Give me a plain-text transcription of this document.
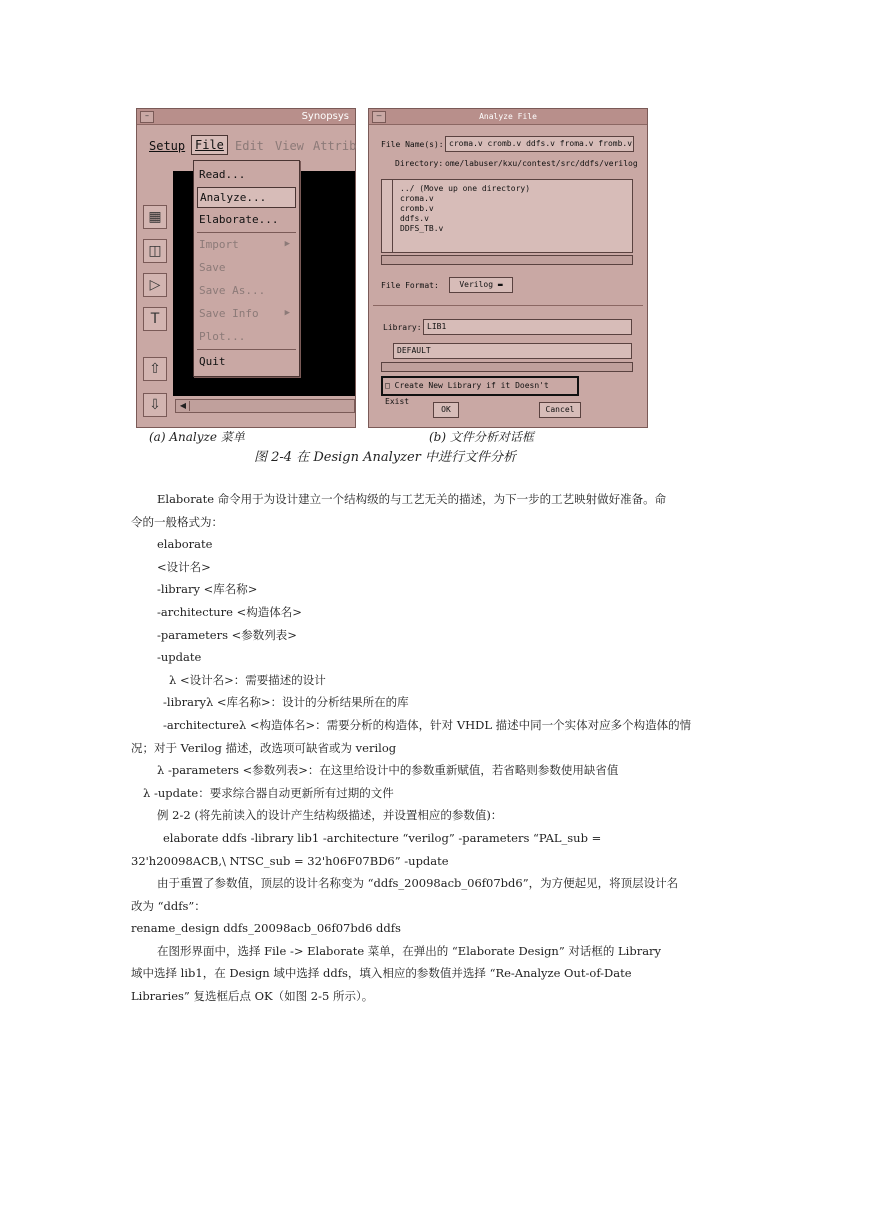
–	Synopsys
Setup File Edit View Attrib
▦
◫
▷
T
⇧
⇩	◀
Read...
Analyze...
Elaborate...
Import	▶
Save
Save As...
Save Info	▶
Plot...
Quit
–	Analyze File
File Name(s): croma.v cromb.v ddfs.v froma.v fromb.v
Directory: ome/labuser/kxu/contest/src/ddfs/verilog
../ (Move up one directory)
croma.v
cromb.v
ddfs.v
DDFS_TB.v
File Format:	Verilog ▬
Library: LIB1
DEFAULT
□ Create New Library if it Doesn't Exist
OK	Cancel
(a) Analyze 菜单	(b) 文件分析对话框
图 2-4 在 Design Analyzer 中进行文件分析
Elaborate 命令用于为设计建立一个结构级的与工艺无关的描述，为下一步的工艺映射做好准备。命
令的一般格式为：
elaborate
<设计名>
-library <库名称>
-architecture <构造体名>
-parameters <参数列表>
-update
λ <设计名>：需要描述的设计
-libraryλ <库名称>：设计的分析结果所在的库
-architectureλ <构造体名>：需要分析的构造体，针对 VHDL 描述中同一个实体对应多个构造体的情
况；对于 Verilog 描述，改选项可缺省或为 verilog
λ -parameters <参数列表>：在这里给设计中的参数重新赋值，若省略则参数使用缺省值
λ -update：要求综合器自动更新所有过期的文件
例 2-2 (将先前读入的设计产生结构级描述，并设置相应的参数值)：
elaborate ddfs -library lib1 -architecture “verilog” -parameters “PAL_sub =
32'h20098ACB,\ NTSC_sub = 32'h06F07BD6” -update
由于重置了参数值，顶层的设计名称变为 “ddfs_20098acb_06f07bd6”，为方便起见，将顶层设计名
改为 “ddfs”：
rename_design ddfs_20098acb_06f07bd6 ddfs
在图形界面中，选择 File -> Elaborate 菜单，在弹出的 “Elaborate Design” 对话框的 Library
域中选择 lib1，在 Design 域中选择 ddfs，填入相应的参数值并选择 “Re-Analyze Out-of-Date
Libraries” 复选框后点 OK（如图 2-5 所示）。
